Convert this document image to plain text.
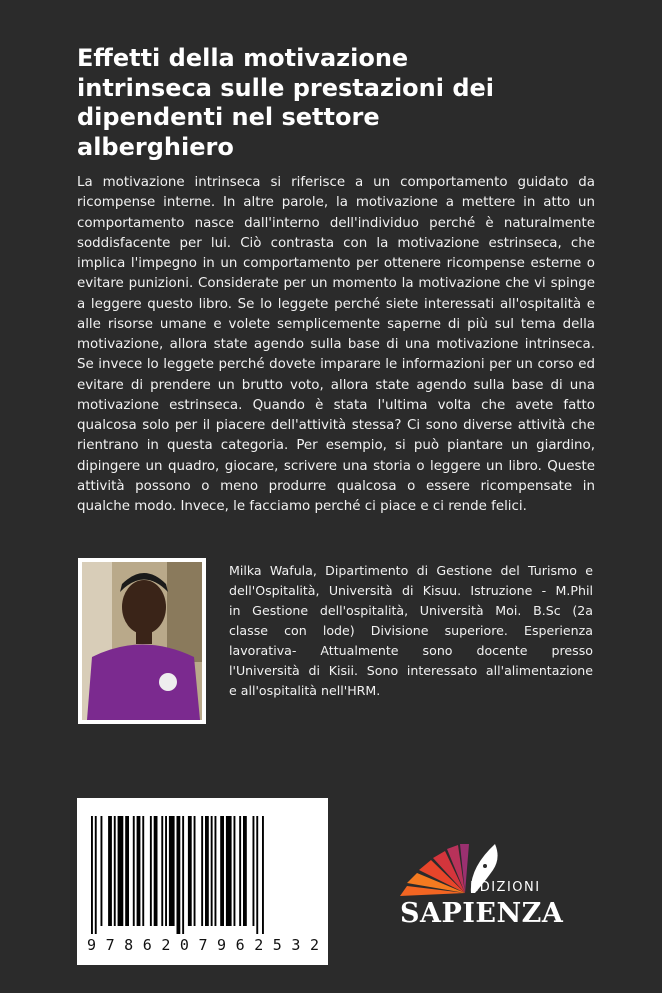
Effetti della motivazione
intrinseca sulle prestazioni dei
dipendenti nel settore
alberghiero
La motivazione intrinseca si riferisce a un comportamento guidato da
ricompense interne. In altre parole, la motivazione a mettere in atto un
comportamento nasce dall'interno dell'individuo perché è naturalmente
soddisfacente per lui. Ciò contrasta con la motivazione estrinseca, che
implica l'impegno in un comportamento per ottenere ricompense esterne o
evitare punizioni. Considerate per un momento la motivazione che vi spinge
a leggere questo libro. Se lo leggete perché siete interessati all'ospitalità e
alle risorse umane e volete semplicemente saperne di più sul tema della
motivazione, allora state agendo sulla base di una motivazione intrinseca.
Se invece lo leggete perché dovete imparare le informazioni per un corso ed
evitare di prendere un brutto voto, allora state agendo sulla base di una
motivazione estrinseca. Quando è stata l'ultima volta che avete fatto
qualcosa solo per il piacere dell'attività stessa? Ci sono diverse attività che
rientrano in questa categoria. Per esempio, si può piantare un giardino,
dipingere un quadro, giocare, scrivere una storia o leggere un libro. Queste
attività possono o meno produrre qualcosa o essere ricompensate in
qualche modo. Invece, le facciamo perché ci piace e ci rende felici.
Milka Wafula, Dipartimento di Gestione del Turismo e
dell'Ospitalità, Università di Kisuu. Istruzione - M.Phil
in Gestione dell'ospitalità, Università Moi. B.Sc (2a
classe con lode) Divisione superiore. Esperienza
lavorativa- Attualmente sono docente presso
l'Università di Kisii. Sono interessato all'alimentazione
e all'ospitalità nell'HRM.
9 7 8 6 2 0 7 9 6 2 5 3 2
EDIZIONI
SAPIENZA
